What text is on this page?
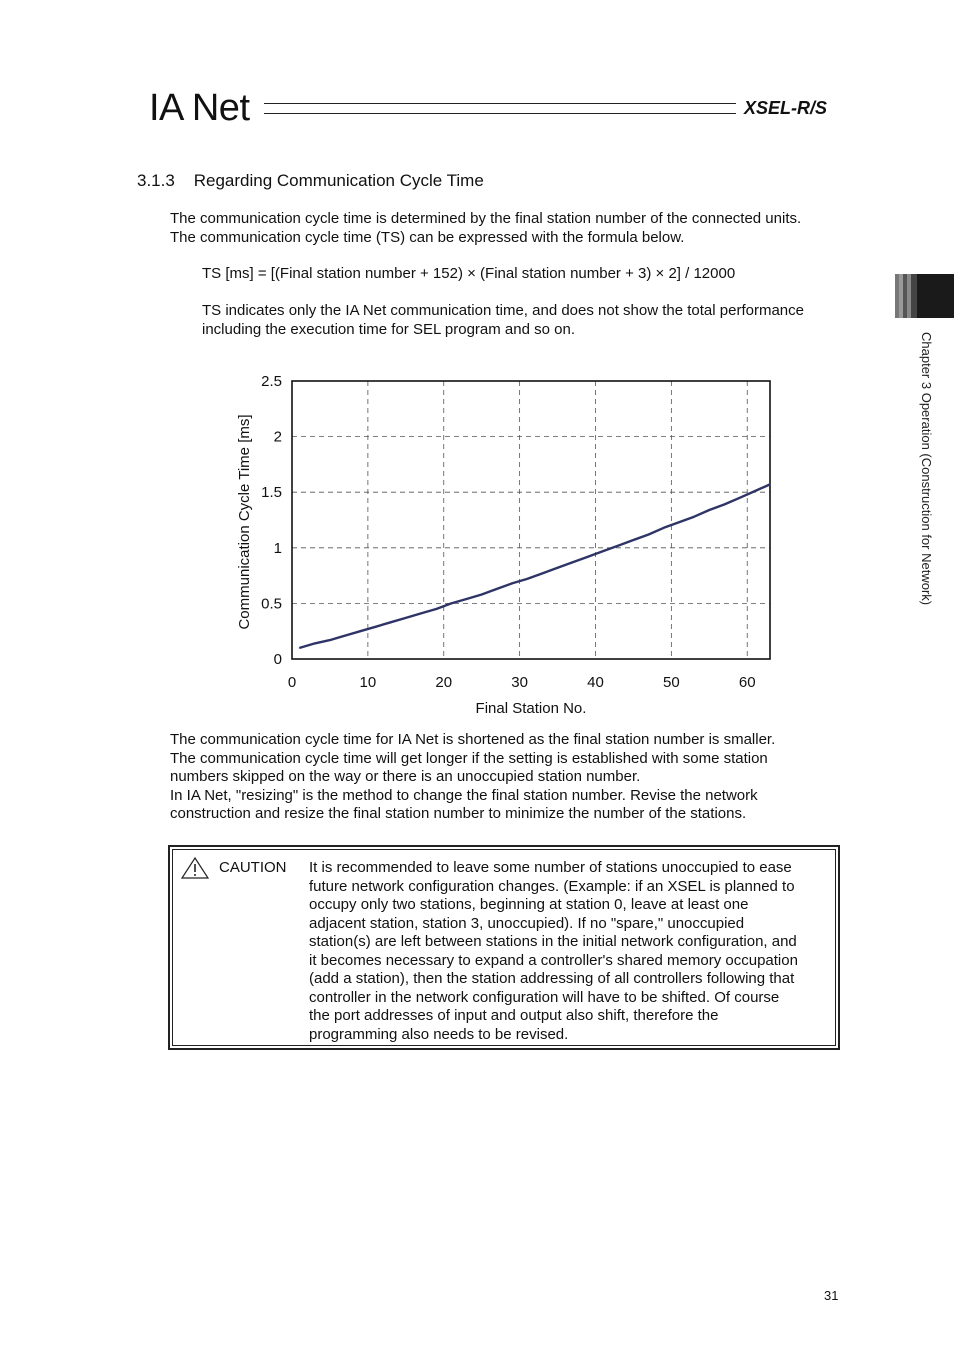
IA Net	XSEL-R/S
Chapter 3 Operation (Construction for Network)
3.1.3 Regarding Communication Cycle Time
The communication cycle time is determined by the final station number of the connected units.
The communication cycle time (TS) can be expressed with the formula below.
TS [ms] = [(Final station number + 152) × (Final station number + 3) × 2] / 12000
TS indicates only the IA Net communication time, and does not show the total performance
including the execution time for SEL program and so on.
0	10	20	30	40	50	60
0
0.5
1
1.5
2
2.5
Final Station No.
Communication Cycle Time [ms]
The communication cycle time for IA Net is shortened as the final station number is smaller.
The communication cycle time will get longer if the setting is established with some station
numbers skipped on the way or there is an unoccupied station number.
In IA Net, "resizing" is the method to change the final station number. Revise the network
construction and resize the final station number to minimize the number of the stations.
CAUTION It is recommended to leave some number of stations unoccupied to ease
future network configuration changes. (Example: if an XSEL is planned to
occupy only two stations, beginning at station 0, leave at least one
adjacent station, station 3, unoccupied). If no "spare," unoccupied
station(s) are left between stations in the initial network configuration, and
it becomes necessary to expand a controller's shared memory occupation
(add a station), then the station addressing of all controllers following that
controller in the network configuration will have to be shifted. Of course
the port addresses of input and output also shift, therefore the
programming also needs to be revised.
31
